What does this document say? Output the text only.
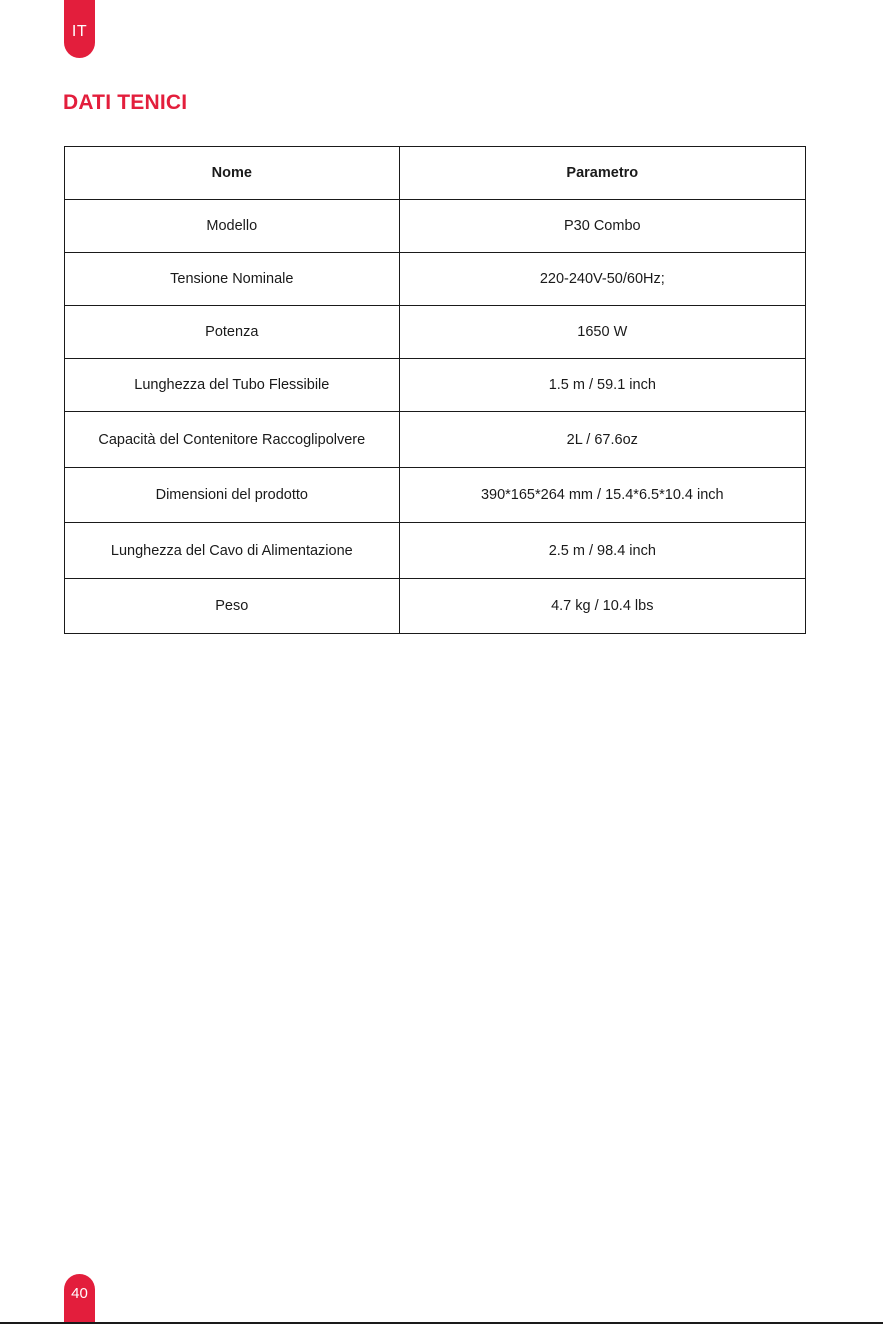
IT
DATI TENICI
Nome	Parametro
Modello	P30 Combo
Tensione Nominale	220-240V-50/60Hz;
Potenza	1650 W
Lunghezza del Tubo Flessibile	1.5 m / 59.1 inch
Capacità del Contenitore Raccoglipolvere	2L / 67.6oz
Dimensioni del prodotto	390*165*264 mm / 15.4*6.5*10.4 inch
Lunghezza del Cavo di Alimentazione	2.5 m / 98.4 inch
Peso	4.7 kg / 10.4 lbs
40
